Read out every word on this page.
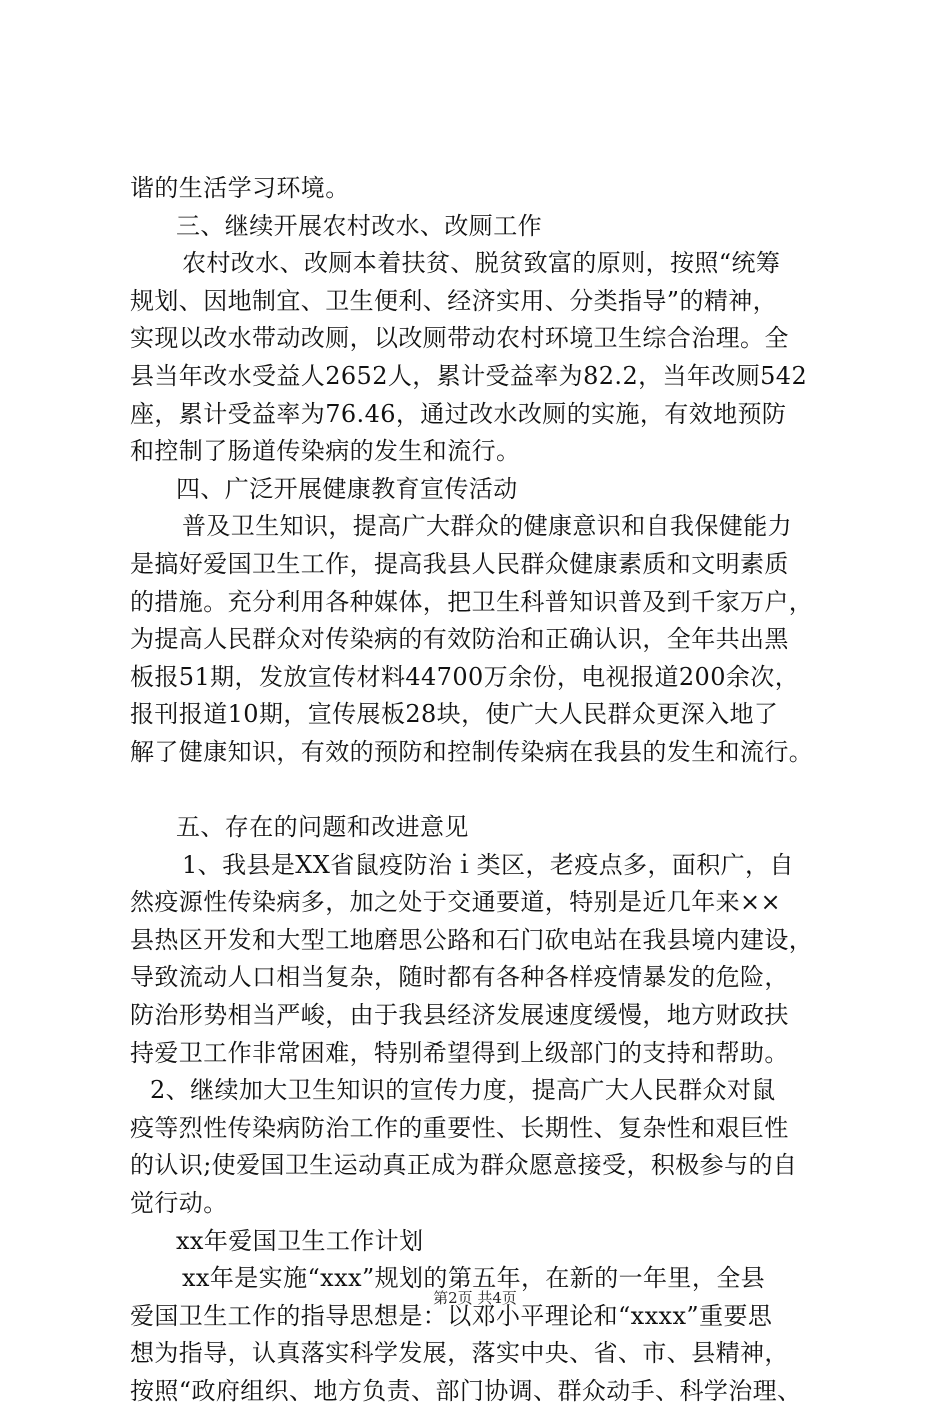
谐的生活学习环境。
三、继续开展农村改水、改厕工作
农村改水、改厕本着扶贫、脱贫致富的原则，按照“统筹
规划、因地制宜、卫生便利、经济实用、分类指导”的精神，
实现以改水带动改厕，以改厕带动农村环境卫生综合治理。全
县当年改水受益人2652人，累计受益率为82.2，当年改厕542
座，累计受益率为76.46，通过改水改厕的实施，有效地预防
和控制了肠道传染病的发生和流行。
四、广泛开展健康教育宣传活动
普及卫生知识，提高广大群众的健康意识和自我保健能力
是搞好爱国卫生工作，提高我县人民群众健康素质和文明素质
的措施。充分利用各种媒体，把卫生科普知识普及到千家万户，
为提高人民群众对传染病的有效防治和正确认识，全年共出黑
板报51期，发放宣传材料44700万余份，电视报道200余次，
报刊报道10期，宣传展板28块，使广大人民群众更深入地了
解了健康知识，有效的预防和控制传染病在我县的发生和流行。
五、存在的问题和改进意见
1、我县是XX省鼠疫防治ｉ类区，老疫点多，面积广，自
然疫源性传染病多，加之处于交通要道，特别是近几年来××
县热区开发和大型工地磨思公路和石门砍电站在我县境内建设，
导致流动人口相当复杂，随时都有各种各样疫情暴发的危险，
防治形势相当严峻，由于我县经济发展速度缓慢，地方财政扶
持爱卫工作非常困难，特别希望得到上级部门的支持和帮助。
2、继续加大卫生知识的宣传力度，提高广大人民群众对鼠
疫等烈性传染病防治工作的重要性、长期性、复杂性和艰巨性
的认识;使爱国卫生运动真正成为群众愿意接受，积极参与的自
觉行动。
xx年爱国卫生工作计划
xx年是实施“xxx”规划的第五年，在新的一年里，全县
爱国卫生工作的指导思想是：以邓小平理论和“xxxx”重要思
想为指导，认真落实科学发展，落实中央、省、市、县精神，
按照“政府组织、地方负责、部门协调、群众动手、科学治理、
第2页 共4页
